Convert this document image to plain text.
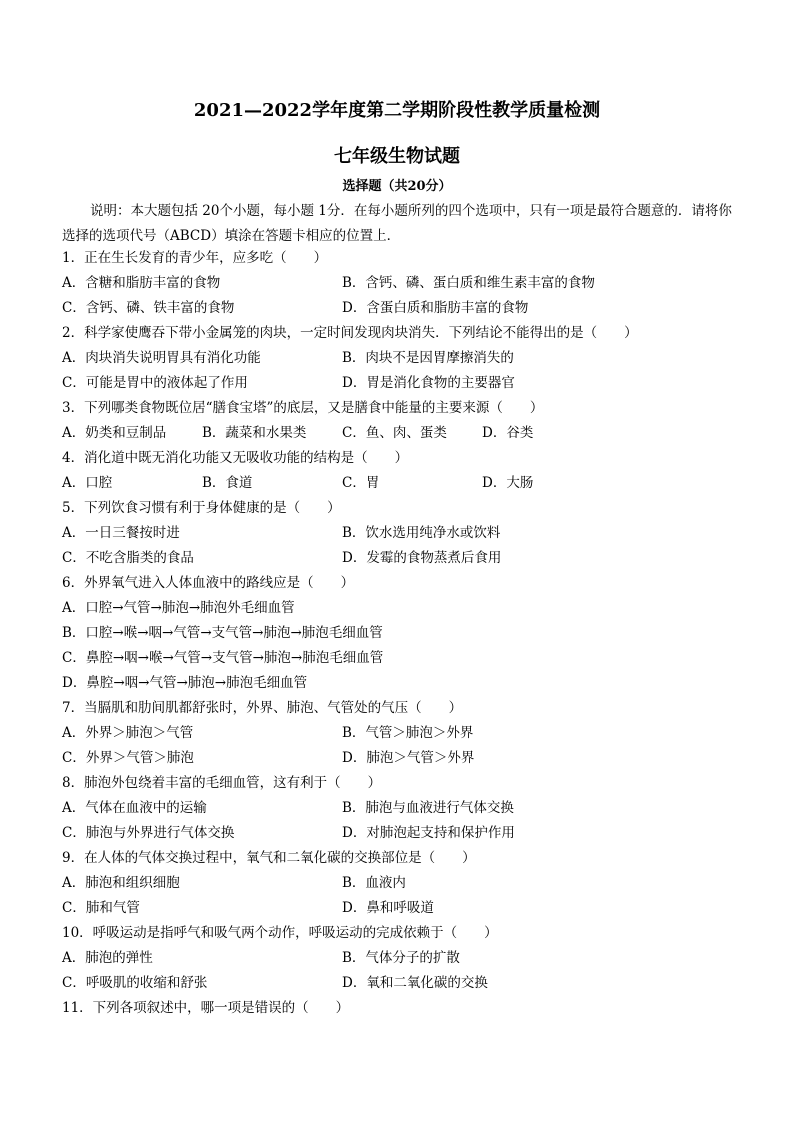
2021—2022学年度第二学期阶段性教学质量检测
七年级生物试题
选择题（共20分）
说明：本大题包括 20个小题，每小题 1分．在每小题所列的四个选项中，只有一项是最符合题意的．请将你选择的选项代号（ABCD）填涂在答题卡相应的位置上．
1．正在生长发育的青少年，应多吃（　　）
A．含糖和脂肪丰富的食物	B．含钙、磷、蛋白质和维生素丰富的食物
C．含钙、磷、铁丰富的食物	D．含蛋白质和脂肪丰富的食物
2．科学家使鹰吞下带小金属笼的肉块，一定时间发现肉块消失．下列结论不能得出的是（　　）
A．肉块消失说明胃具有消化功能	B．肉块不是因胃摩擦消失的
C．可能是胃中的液体起了作用	D．胃是消化食物的主要器官
3．下列哪类食物既位居“膳食宝塔”的底层，又是膳食中能量的主要来源（　　）
A．奶类和豆制品	B．蔬菜和水果类	C．鱼、肉、蛋类	D．谷类
4．消化道中既无消化功能又无吸收功能的结构是（　　）
A．口腔	B．食道	C．胃	D．大肠
5．下列饮食习惯有利于身体健康的是（　　）
A．一日三餐按时进	B．饮水选用纯净水或饮料
C．不吃含脂类的食品	D．发霉的食物蒸煮后食用
6．外界氧气进入人体血液中的路线应是（　　）
A．口腔→气管→肺泡→肺泡外毛细血管
B．口腔→喉→咽→气管→支气管→肺泡→肺泡毛细血管
C．鼻腔→咽→喉→气管→支气管→肺泡→肺泡毛细血管
D．鼻腔→咽→气管→肺泡→肺泡毛细血管
7．当膈肌和肋间肌都舒张时，外界、肺泡、气管处的气压（　　）
A．外界＞肺泡＞气管	B．气管＞肺泡＞外界
C．外界＞气管＞肺泡	D．肺泡＞气管＞外界
8．肺泡外包绕着丰富的毛细血管，这有利于（　　）
A．气体在血液中的运输	B．肺泡与血液进行气体交换
C．肺泡与外界进行气体交换	D．对肺泡起支持和保护作用
9．在人体的气体交换过程中，氧气和二氧化碳的交换部位是（　　）
A．肺泡和组织细胞	B．血液内
C．肺和气管	D．鼻和呼吸道
10．呼吸运动是指呼气和吸气两个动作，呼吸运动的完成依赖于（　　）
A．肺泡的弹性	B．气体分子的扩散
C．呼吸肌的收缩和舒张	D．氧和二氧化碳的交换
11．下列各项叙述中，哪一项是错误的（　　）
